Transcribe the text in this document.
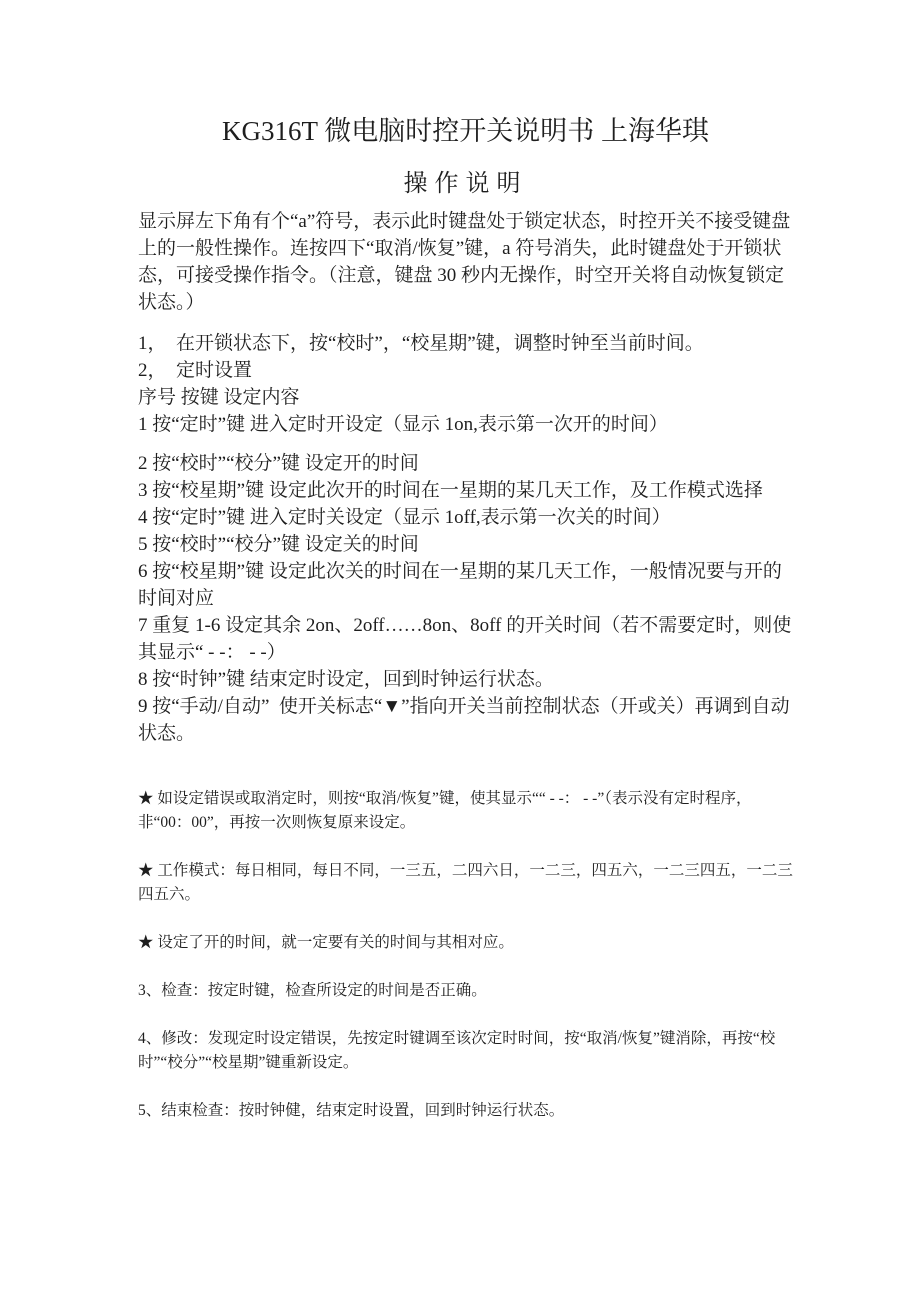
KG316T 微电脑时控开关说明书 上海华琪
操作说明

显示屏左下角有个“a”符号，表示此时键盘处于锁定状态，时控开关不接受键盘上的一般性操作。连按四下“取消/恢复”键，a 符号消失，此时键盘处于开锁状态，可接受操作指令。（注意，键盘 30 秒内无操作，时空开关将自动恢复锁定状态。）

1，  在开锁状态下，按“校时”，“校星期”键，调整时钟至当前时间。

2，  定时设置

序号 按键 设定内容

1 按“定时”键 进入定时开设定（显示 1on,表示第一次开的时间）

2 按“校时”“校分”键 设定开的时间

3 按“校星期”键 设定此次开的时间在一星期的某几天工作，及工作模式选择

4 按“定时”键 进入定时关设定（显示 1off,表示第一次关的时间）

5 按“校时”“校分”键 设定关的时间

6 按“校星期”键 设定此次关的时间在一星期的某几天工作，一般情况要与开的时间对应

7 重复 1-6 设定其余 2on、2off……8on、8off 的开关时间（若不需要定时，则使其显示“ - -： - -）

8 按“时钟”键 结束定时设定，回到时钟运行状态。

9 按“手动/自动”  使开关标志“▼”指向开关当前控制状态（开或关）再调到自动状态。

★ 如设定错误或取消定时，则按“取消/恢复”键，使其显示““ - -： - -”（表示没有定时程序，非“00：00”，再按一次则恢复原来设定。

★ 工作模式：每日相同，每日不同，一三五，二四六日，一二三，四五六，一二三四五，一二三四五六。

★ 设定了开的时间，就一定要有关的时间与其相对应。

3、检查：按定时键，检查所设定的时间是否正确。

4、修改：发现定时设定错误，先按定时键调至该次定时时间，按“取消/恢复”键消除，再按“校时”“校分”“校星期”键重新设定。

5、结束检查：按时钟健，结束定时设置，回到时钟运行状态。
